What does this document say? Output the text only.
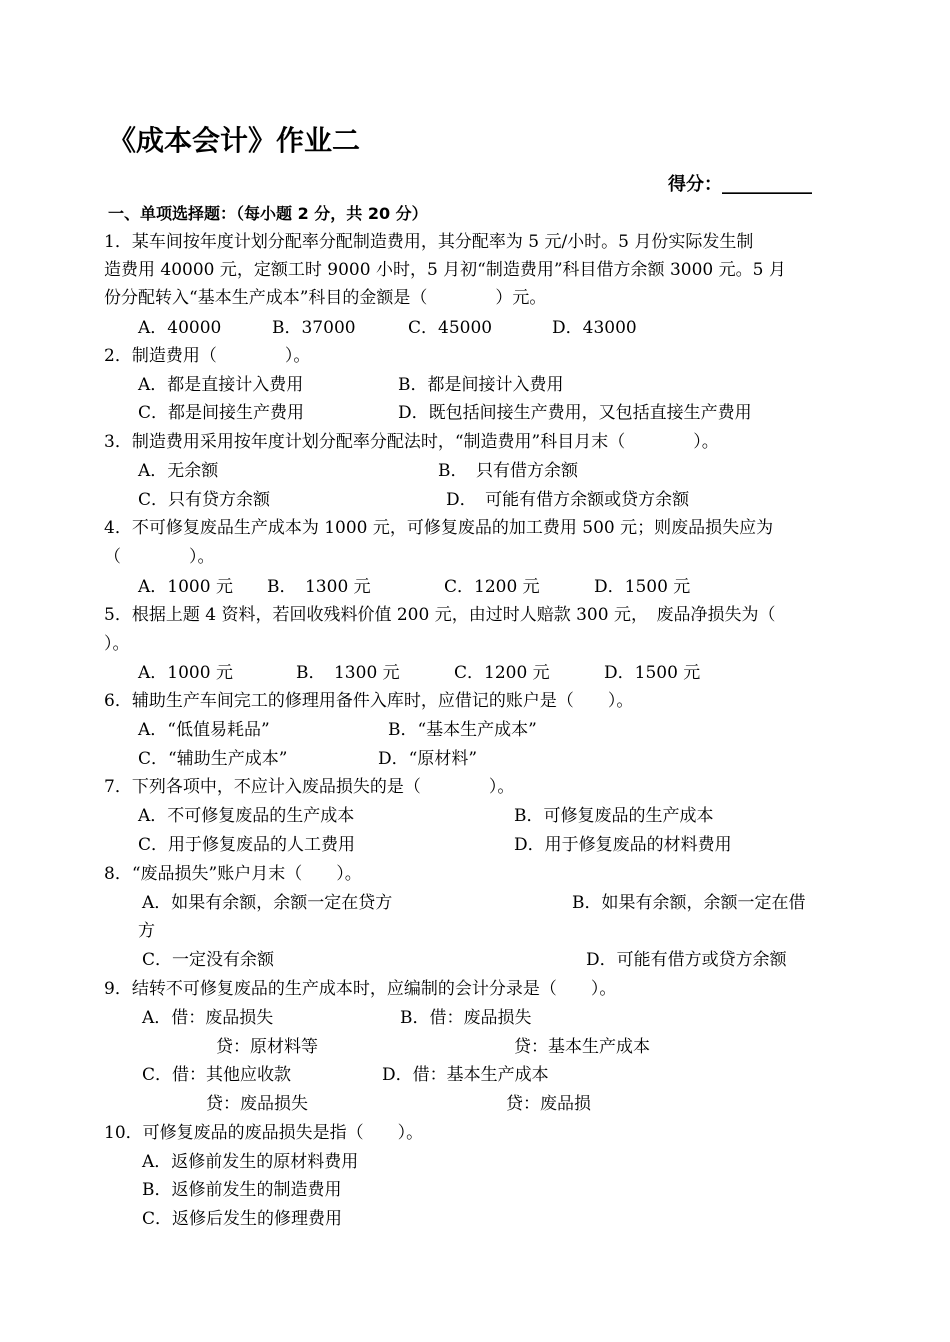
《成本会计》作业二
得分：__________
一、单项选择题：（每小题 2 分，共 20 分）
1．某车间按年度计划分配率分配制造费用，其分配率为 5 元/小时。5 月份实际发生制
造费用 40000 元，定额工时 9000 小时，5 月初“制造费用”科目借方余额 3000 元。5 月
份分配转入“基本生产成本”科目的金额是（　　　　）元。
A．40000	B．37000	C．45000	D．43000
2．制造费用（　　　　）。
A．都是直接计入费用	B．都是间接计入费用
C．都是间接生产费用	D．既包括间接生产费用，又包括直接生产费用
3．制造费用采用按年度计划分配率分配法时，“制造费用”科目月末（　　　　）。
A．无余额	B．　只有借方余额
C．只有贷方余额	D．　可能有借方余额或贷方余额
4．不可修复废品生产成本为 1000 元，可修复废品的加工费用 500 元；则废品损失应为
（　　　　）。
A．1000 元 B．　1300 元	C．1200 元	D．1500 元
5．根据上题 4 资料，若回收残料价值 200 元，由过时人赔款 300 元，　废品净损失为（
）。
A．1000 元	B．　1300 元	C．1200 元	D．1500 元
6．辅助生产车间完工的修理用备件入库时，应借记的账户是（　　）。
A．“低值易耗品”	B．“基本生产成本”
C．“辅助生产成本”	D．“原材料”
7．下列各项中，不应计入废品损失的是（　　　　）。
A．不可修复废品的生产成本	B．可修复废品的生产成本
C．用于修复废品的人工费用	D．用于修复废品的材料费用
8．“废品损失”账户月末（　　）。
A．如果有余额，余额一定在贷方	B．如果有余额，余额一定在借
方
C．一定没有余额	D．可能有借方或贷方余额
9．结转不可修复废品的生产成本时，应编制的会计分录是（　　）。
A．借：废品损失	B．借：废品损失
贷：原材料等	贷：基本生产成本
C．借：其他应收款	D．借：基本生产成本
贷：废品损失	贷：废品损
10．可修复废品的废品损失是指（　　）。
A．返修前发生的原材料费用
B．返修前发生的制造费用
C．返修后发生的修理费用
